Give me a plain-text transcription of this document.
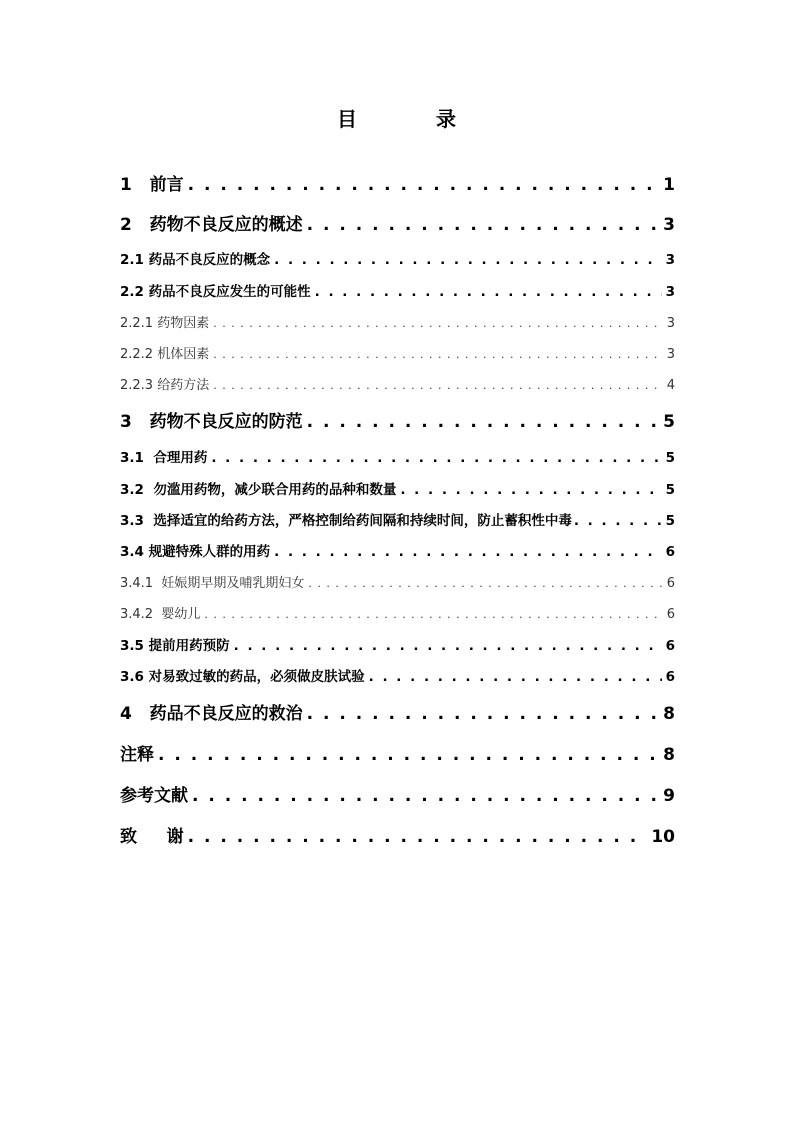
目 录
1   前言 . . .	1
2   药物不良反应的概述 . . .	3
2.1 药品不良反应的概念 . . .	3
2.2 药品不良反应发生的可能性 . . .	3
2.2.1 药物因素 . . .	3
2.2.2 机体因素 . . .	3
2.2.3 给药方法 . . .	4
3   药物不良反应的防范 . . .	5
3.1  合理用药 . . .	5
3.2  勿滥用药物，减少联合用药的品种和数量 . . .	5
3.3  选择适宜的给药方法，严格控制给药间隔和持续时间，防止蓄积性中毒 . . .	5
3.4 规避特殊人群的用药 . . .	6
3.4.1  妊娠期早期及哺乳期妇女 . . .	6
3.4.2  婴幼儿 . . .	6
3.5 提前用药预防 . . .	6
3.6 对易致过敏的药品，必须做皮肤试验 . . .	6
4   药品不良反应的救治 . . .	8
注释 . . .	8
参考文献 . . .	9
致     谢 . . .	10
